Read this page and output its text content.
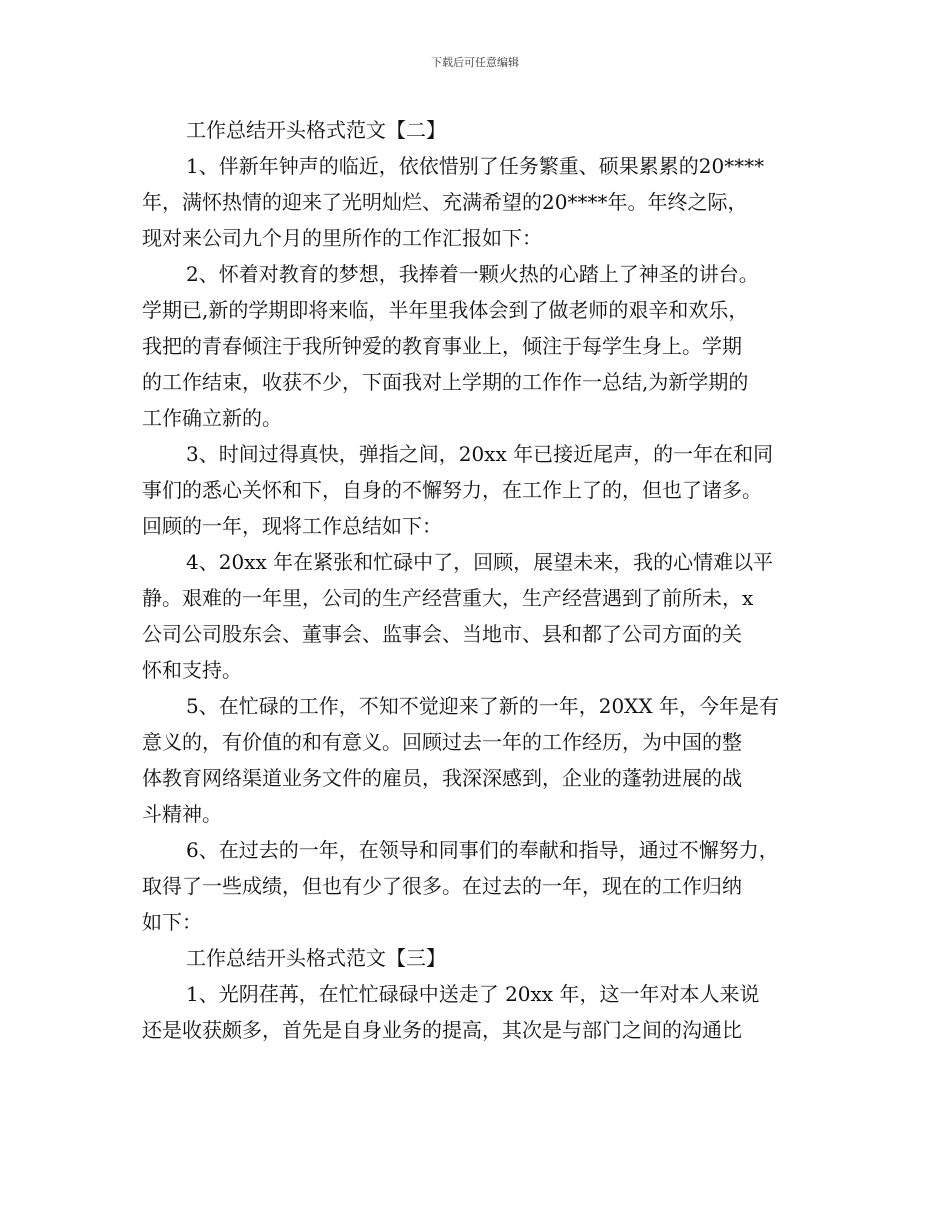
下载后可任意编辑
工作总结开头格式范文【二】
1、伴新年钟声的临近，依依惜别了任务繁重、硕果累累的20****
年，满怀热情的迎来了光明灿烂、充满希望的20****年。年终之际，
现对来公司九个月的里所作的工作汇报如下：
2、怀着对教育的梦想，我捧着一颗火热的心踏上了神圣的讲台。
学期已,新的学期即将来临，半年里我体会到了做老师的艰辛和欢乐，
我把的青春倾注于我所钟爱的教育事业上，倾注于每学生身上。学期
的工作结束，收获不少，下面我对上学期的工作作一总结,为新学期的
工作确立新的。
3、时间过得真快，弹指之间，20xx 年已接近尾声，的一年在和同
事们的悉心关怀和下，自身的不懈努力，在工作上了的，但也了诸多。
回顾的一年，现将工作总结如下：
4、20xx 年在紧张和忙碌中了，回顾，展望未来，我的心情难以平
静。艰难的一年里，公司的生产经营重大，生产经营遇到了前所未，x
公司公司股东会、董事会、监事会、当地市、县和都了公司方面的关
怀和支持。
5、在忙碌的工作，不知不觉迎来了新的一年，20XX 年，今年是有
意义的，有价值的和有意义。回顾过去一年的工作经历，为中国的整
体教育网络渠道业务文件的雇员，我深深感到，企业的蓬勃进展的战
斗精神。
6、在过去的一年，在领导和同事们的奉献和指导，通过不懈努力，
取得了一些成绩，但也有少了很多。在过去的一年，现在的工作归纳
如下：
工作总结开头格式范文【三】
1、光阴荏苒，在忙忙碌碌中送走了 20xx 年，这一年对本人来说
还是收获颇多，首先是自身业务的提高，其次是与部门之间的沟通比
